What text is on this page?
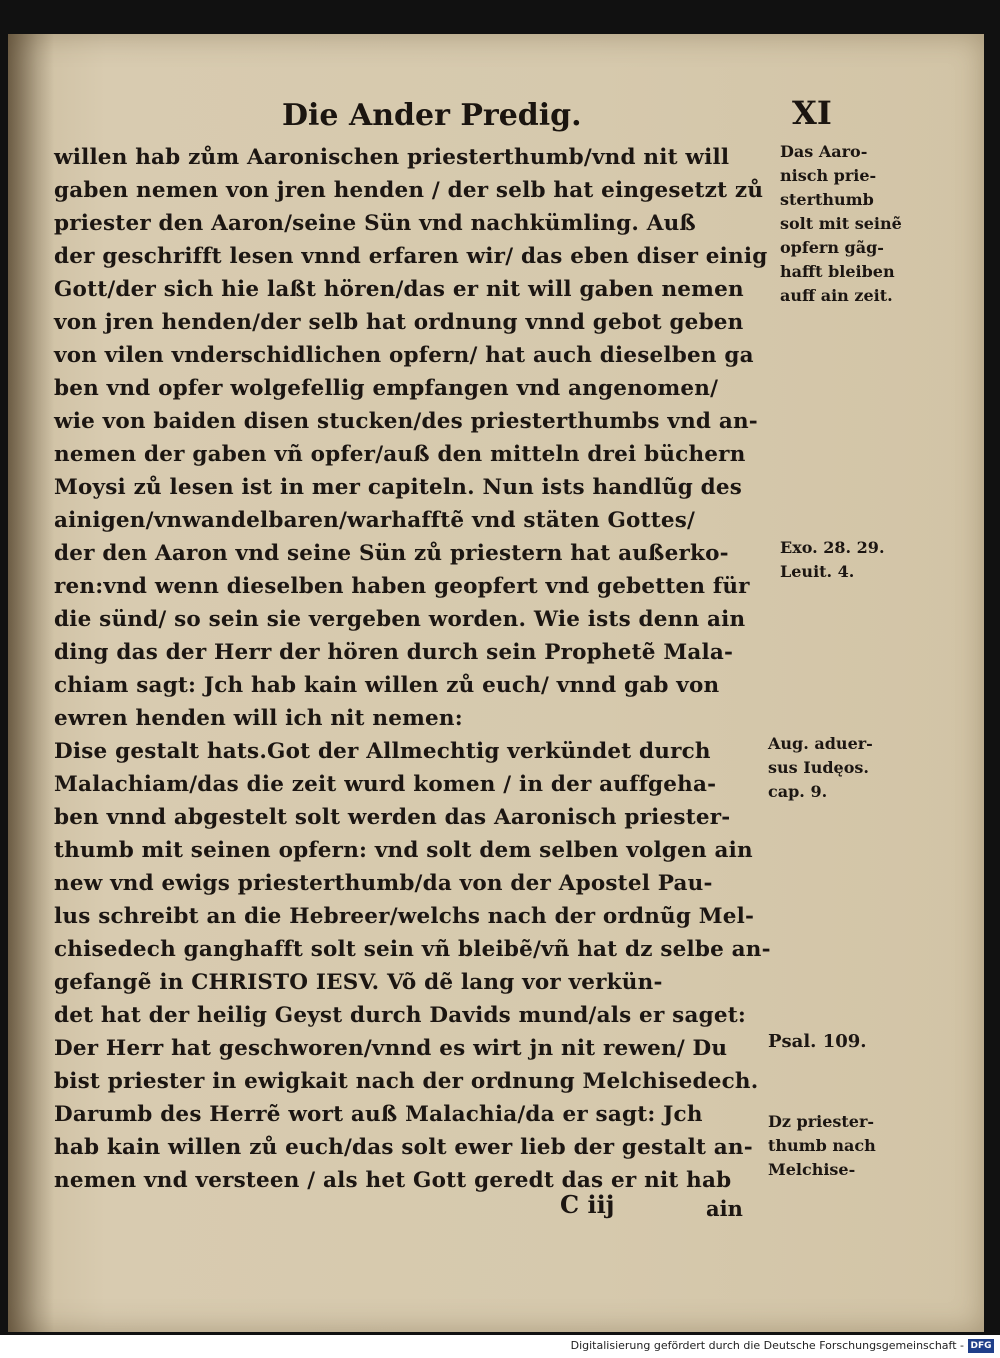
Die Ander Predig.	XI
willen hab zům Aaronischen priesterthumb/vnd nit will
gaben nemen von jren henden / der selb hat eingesetzt zů
priester den Aaron/seine Sün vnd nachkümling. Auß
der geschrifft lesen vnnd erfaren wir/ das eben diser einig
Gott/der sich hie laßt hören/das er nit will gaben nemen
von jren henden/der selb hat ordnung vnnd gebot geben
von vilen vnderschidlichen opfern/ hat auch dieselben ga
ben vnd opfer wolgefellig empfangen vnd angenomen/
wie von baiden disen stucken/des priesterthumbs vnd an-
nemen der gaben vñ opfer/auß den mitteln drei büchern
Moysi zů lesen ist in mer capiteln. Nun ists handlũg des
ainigen/vnwandelbaren/warhafftẽ vnd stäten Gottes/
der den Aaron vnd seine Sün zů priestern hat außerko-
ren:vnd wenn dieselben haben geopfert vnd gebetten für
die sünd/ so sein sie vergeben worden. Wie ists denn ain
ding das der Herr der hören durch sein Prophetẽ Mala-
chiam sagt: Jch hab kain willen zů euch/ vnnd gab von
ewren henden will ich nit nemen:
Dise gestalt hats.Got der Allmechtig verkündet durch
Malachiam/das die zeit wurd komen / in der auffgeha-
ben vnnd abgestelt solt werden das Aaronisch priester-
thumb mit seinen opfern: vnd solt dem selben volgen ain
new vnd ewigs priesterthumb/da von der Apostel Pau-
lus schreibt an die Hebreer/welchs nach der ordnũg Mel-
chisedech ganghafft solt sein vñ bleibẽ/vñ hat dz selbe an-
gefangẽ in CHRISTO IESV. Võ dẽ lang vor verkün-
det hat der heilig Geyst durch Davids mund/als er saget:
Der Herr hat geschworen/vnnd es wirt jn nit rewen/ Du
bist priester in ewigkait nach der ordnung Melchisedech.
Darumb des Herrẽ wort auß Malachia/da er sagt: Jch
hab kain willen zů euch/das solt ewer lieb der gestalt an-
nemen vnd versteen / als het Gott geredt das er nit hab
Das Aaro-
nisch prie-
sterthumb
solt mit seinẽ
opfern gãg-
hafft bleiben
auff ain zeit.
Exo. 28. 29.
Leuit. 4.
Aug. aduer-
sus Iudęos.
cap. 9.
Psal. 109.
Dz priester-
thumb nach
Melchise-
C iij	ain
Digitalisierung gefördert durch die Deutsche Forschungsgemeinschaft - DFG
